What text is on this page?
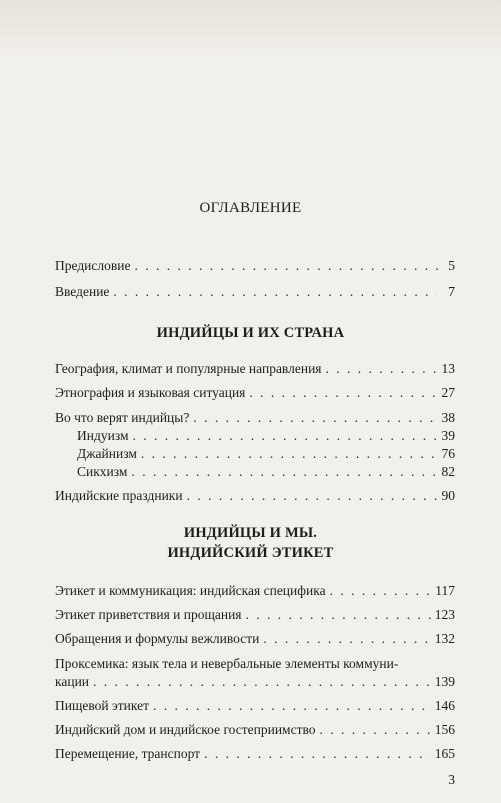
ОГЛАВЛЕНИЕ
Предисловие . . .	5
Введение . . .	7
ИНДИЙЦЫ И ИХ СТРАНА
География, климат и популярные направления . . .	13
Этнография и языковая ситуация . . .	27
Во что верят индийцы? . . .	38
Индуизм . . .	39
Джайнизм . . .	76
Сикхизм . . .	82
Индийские праздники . . .	90
ИНДИЙЦЫ И МЫ.
ИНДИЙСКИЙ ЭТИКЕТ
Этикет и коммуникация: индийская специфика . . .	117
Этикет приветствия и прощания . . .	123
Обращения и формулы вежливости . . .	132
Проксемика: язык тела и невербальные элементы коммуни-
кации . . .	139
Пищевой этикет . . .	146
Индийский дом и индийское гостеприимство . . .	156
Перемещение, транспорт . . .	165
3
